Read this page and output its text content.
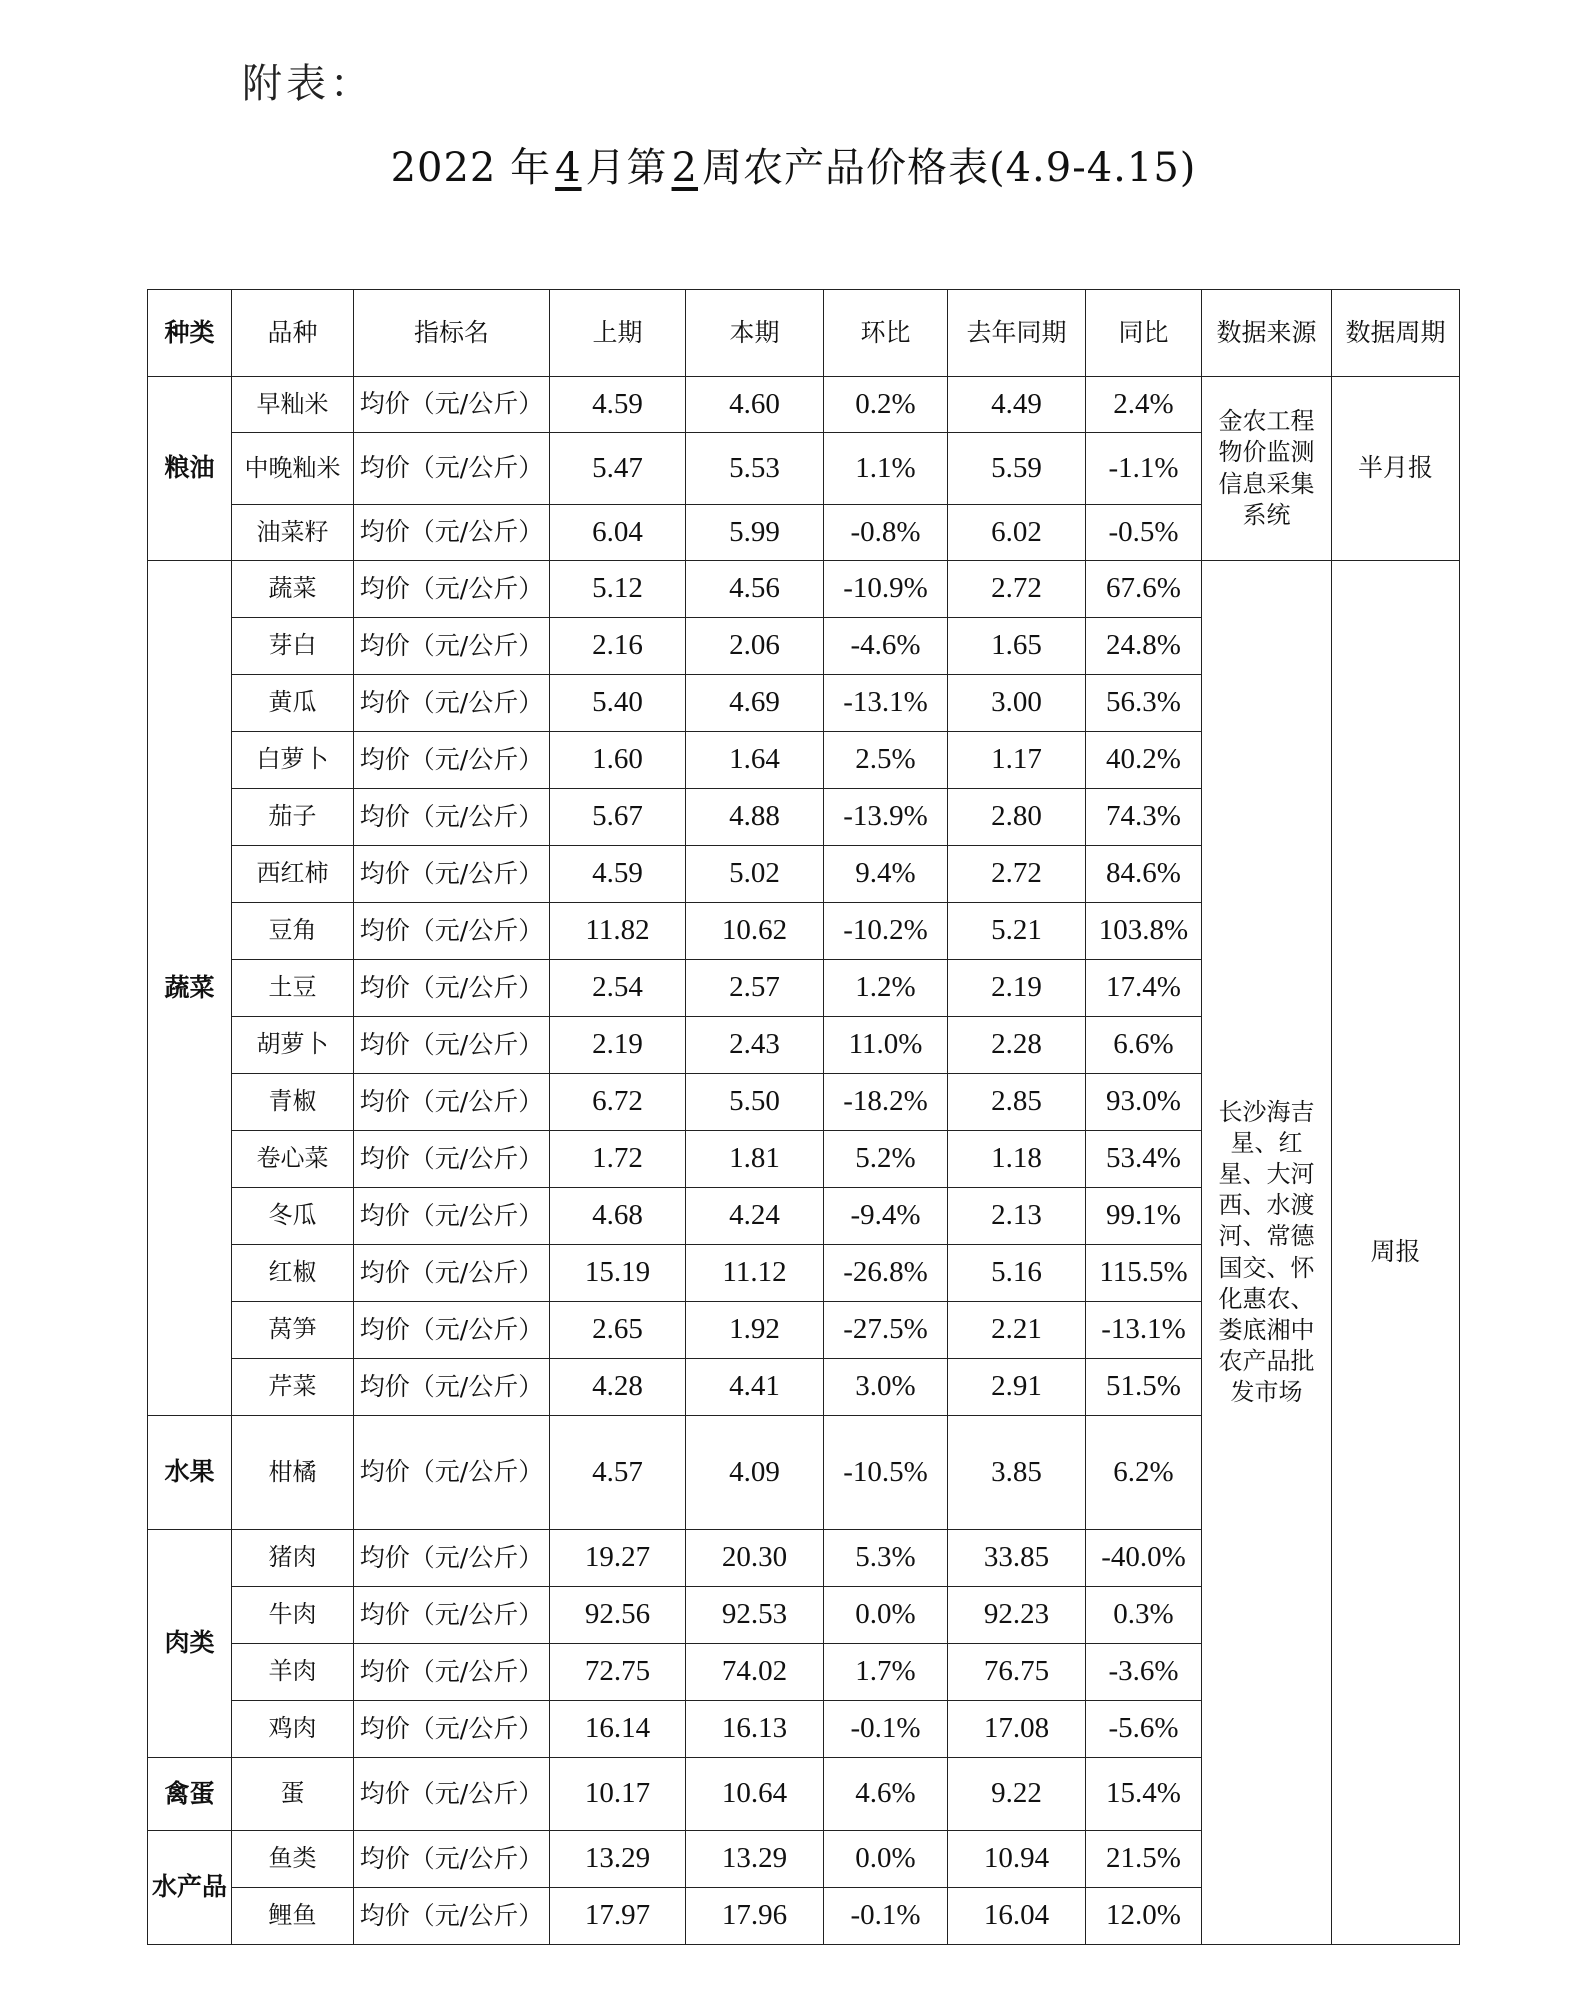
附表：
2022 年 4 月第 2 周农产品价格表(4.9-4.15)
种类	品种	指标名	上期	本期	环比	去年同期	同比	数据来源	数据周期
粮油	早籼米	均价（元/公斤）	4.59	4.60	0.2%	4.49	2.4%	金农工程物价监测信息采集系统	半月报
	中晚籼米	均价（元/公斤）	5.47	5.53	1.1%	5.59	-1.1%		
	油菜籽	均价（元/公斤）	6.04	5.99	-0.8%	6.02	-0.5%		
蔬菜	蔬菜	均价（元/公斤）	5.12	4.56	-10.9%	2.72	67.6%	长沙海吉星、红星、大河西、水渡河、常德国交、怀化惠农、娄底湘中农产品批发市场	周报
	芽白	均价（元/公斤）	2.16	2.06	-4.6%	1.65	24.8%		
	黄瓜	均价（元/公斤）	5.40	4.69	-13.1%	3.00	56.3%		
	白萝卜	均价（元/公斤）	1.60	1.64	2.5%	1.17	40.2%		
	茄子	均价（元/公斤）	5.67	4.88	-13.9%	2.80	74.3%		
	西红柿	均价（元/公斤）	4.59	5.02	9.4%	2.72	84.6%		
	豆角	均价（元/公斤）	11.82	10.62	-10.2%	5.21	103.8%		
	土豆	均价（元/公斤）	2.54	2.57	1.2%	2.19	17.4%		
	胡萝卜	均价（元/公斤）	2.19	2.43	11.0%	2.28	6.6%		
	青椒	均价（元/公斤）	6.72	5.50	-18.2%	2.85	93.0%		
	卷心菜	均价（元/公斤）	1.72	1.81	5.2%	1.18	53.4%		
	冬瓜	均价（元/公斤）	4.68	4.24	-9.4%	2.13	99.1%		
	红椒	均价（元/公斤）	15.19	11.12	-26.8%	5.16	115.5%		
	莴笋	均价（元/公斤）	2.65	1.92	-27.5%	2.21	-13.1%		
	芹菜	均价（元/公斤）	4.28	4.41	3.0%	2.91	51.5%		
水果	柑橘	均价（元/公斤）	4.57	4.09	-10.5%	3.85	6.2%		
肉类	猪肉	均价（元/公斤）	19.27	20.30	5.3%	33.85	-40.0%		
	牛肉	均价（元/公斤）	92.56	92.53	0.0%	92.23	0.3%		
	羊肉	均价（元/公斤）	72.75	74.02	1.7%	76.75	-3.6%		
	鸡肉	均价（元/公斤）	16.14	16.13	-0.1%	17.08	-5.6%		
禽蛋	蛋	均价（元/公斤）	10.17	10.64	4.6%	9.22	15.4%		
水产品	鱼类	均价（元/公斤）	13.29	13.29	0.0%	10.94	21.5%		
	鲤鱼	均价（元/公斤）	17.97	17.96	-0.1%	16.04	12.0%		
